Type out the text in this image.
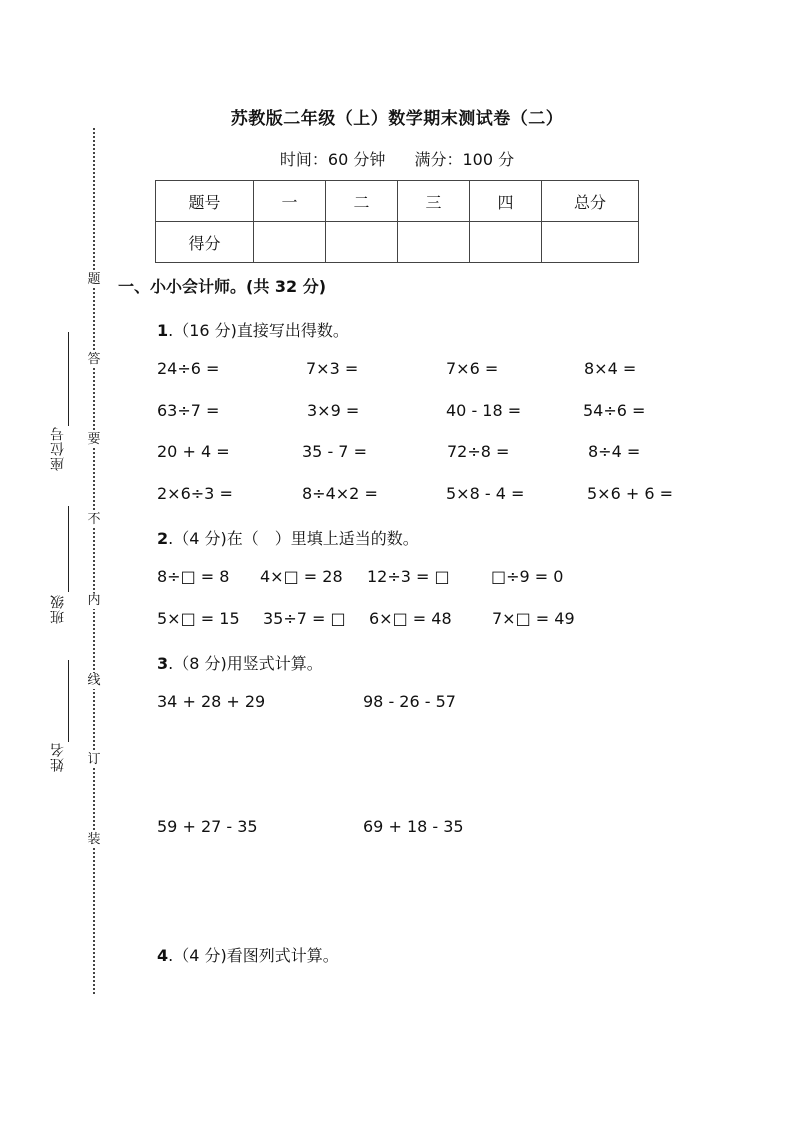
题
答
要
不
内
线
订
装
座位号
班级
姓名
苏教版二年级（上）数学期末测试卷（二）
时间：60 分钟 满分：100 分
题号	一	二	三	四	总分
得分					
一、小小会计师。(共 32 分)
1.（16 分)直接写出得数。
24÷6 =	7×3 =	7×6 =	8×4 =
63÷7 =	3×9 =	40 - 18 =	54÷6 =
20 + 4 =	35 - 7 =	72÷8 =	8÷4 =
2×6÷3 =	8÷4×2 =	5×8 - 4 =	5×6 + 6 =
2.（4 分)在（　）里填上适当的数。
8÷□ = 8 4×□ = 28 12÷3 = □	□÷9 = 0
5×□ = 15 35÷7 = □ 6×□ = 48	7×□ = 49
3.（8 分)用竖式计算。
34 + 28 + 29	98 - 26 - 57
59 + 27 - 35	69 + 18 - 35
4.（4 分)看图列式计算。
